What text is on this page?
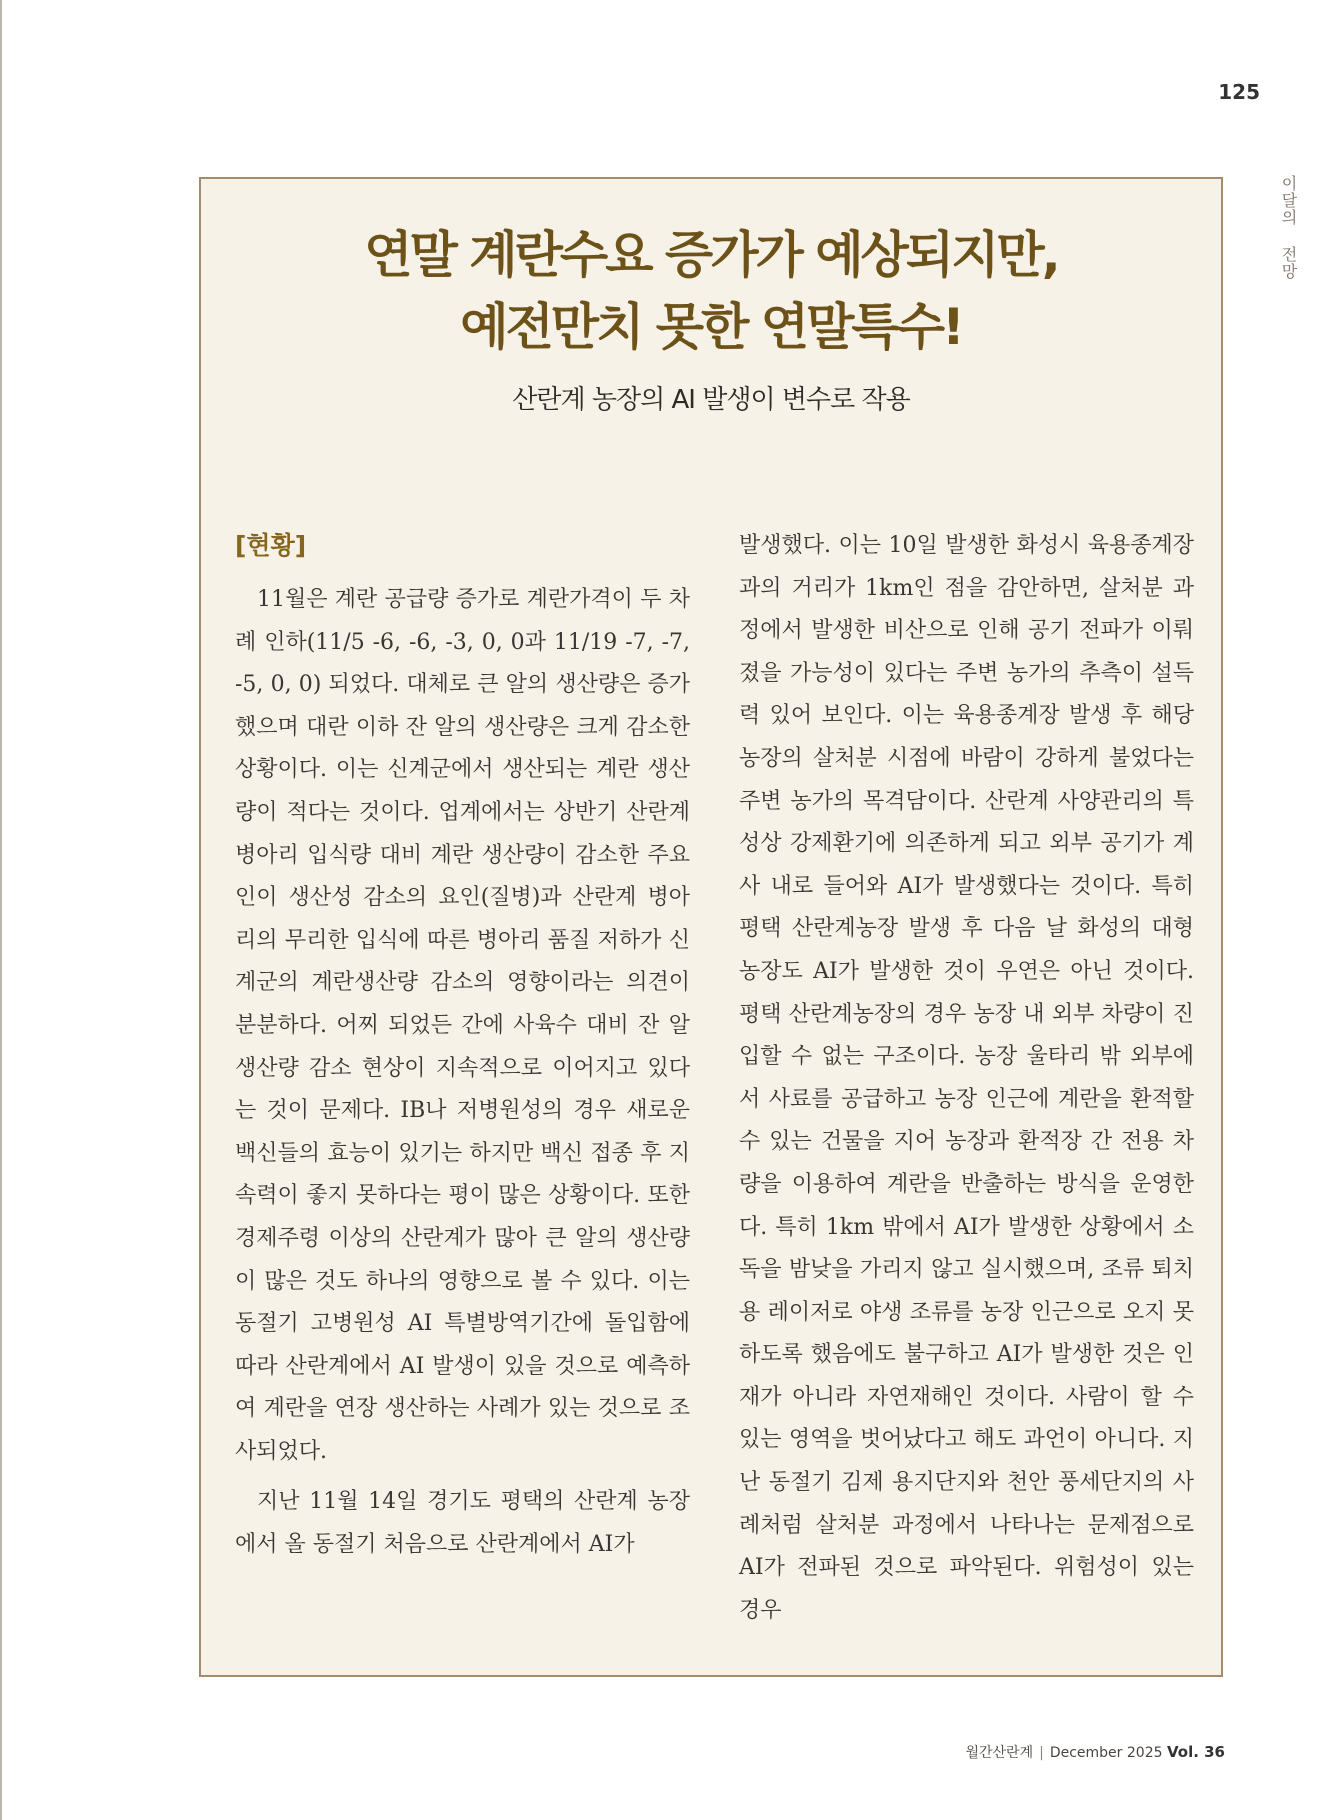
125
이달의 전망
연말 계란수요 증가가 예상되지만,
예전만치 못한 연말특수!
산란계 농장의 AI 발생이 변수로 작용
[현황]

11월은 계란 공급량 증가로 계란가격이 두 차례 인하(11/5 -6, -6, -3, 0, 0과 11/19 -7, -7, -5, 0, 0) 되었다. 대체로 큰 알의 생산량은 증가했으며 대란 이하 잔 알의 생산량은 크게 감소한 상황이다. 이는 신계군에서 생산되는 계란 생산량이 적다는 것이다. 업계에서는 상반기 산란계 병아리 입식량 대비 계란 생산량이 감소한 주요인이 생산성 감소의 요인(질병)과 산란계 병아리의 무리한 입식에 따른 병아리 품질 저하가 신계군의 계란생산량 감소의 영향이라는 의견이 분분하다. 어찌 되었든 간에 사육수 대비 잔 알 생산량 감소 현상이 지속적으로 이어지고 있다는 것이 문제다. IB나 저병원성의 경우 새로운 백신들의 효능이 있기는 하지만 백신 접종 후 지속력이 좋지 못하다는 평이 많은 상황이다. 또한 경제주령 이상의 산란계가 많아 큰 알의 생산량이 많은 것도 하나의 영향으로 볼 수 있다. 이는 동절기 고병원성 AI 특별방역기간에 돌입함에 따라 산란계에서 AI 발생이 있을 것으로 예측하여 계란을 연장 생산하는 사례가 있는 것으로 조사되었다.

지난 11월 14일 경기도 평택의 산란계 농장에서 올 동절기 처음으로 산란계에서 AI가

발생했다. 이는 10일 발생한 화성시 육용종계장과의 거리가 1km인 점을 감안하면, 살처분 과정에서 발생한 비산으로 인해 공기 전파가 이뤄졌을 가능성이 있다는 주변 농가의 추측이 설득력 있어 보인다. 이는 육용종계장 발생 후 해당 농장의 살처분 시점에 바람이 강하게 불었다는 주변 농가의 목격담이다. 산란계 사양관리의 특성상 강제환기에 의존하게 되고 외부 공기가 계사 내로 들어와 AI가 발생했다는 것이다. 특히 평택 산란계농장 발생 후 다음 날 화성의 대형 농장도 AI가 발생한 것이 우연은 아닌 것이다. 평택 산란계농장의 경우 농장 내 외부 차량이 진입할 수 없는 구조이다. 농장 울타리 밖 외부에서 사료를 공급하고 농장 인근에 계란을 환적할 수 있는 건물을 지어 농장과 환적장 간 전용 차량을 이용하여 계란을 반출하는 방식을 운영한다. 특히 1km 밖에서 AI가 발생한 상황에서 소독을 밤낮을 가리지 않고 실시했으며, 조류 퇴치용 레이저로 야생 조류를 농장 인근으로 오지 못하도록 했음에도 불구하고 AI가 발생한 것은 인재가 아니라 자연재해인 것이다. 사람이 할 수 있는 영역을 벗어났다고 해도 과언이 아니다. 지난 동절기 김제 용지단지와 천안 풍세단지의 사례처럼 살처분 과정에서 나타나는 문제점으로 AI가 전파된 것으로 파악된다. 위험성이 있는 경우

월간산란계 | December 2025 Vol. 36
